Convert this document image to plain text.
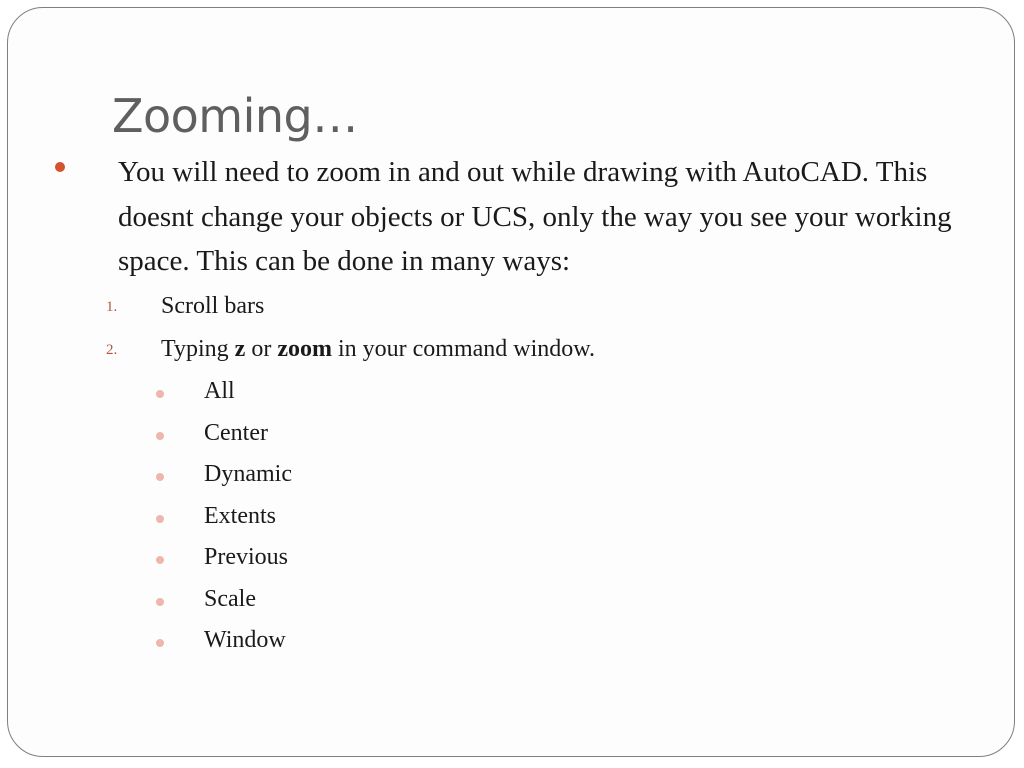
Zooming…

You will need to zoom in and out while drawing with AutoCAD. This doesnt change your objects or UCS, only the way you see your working space. This can be done in many ways:

1. Scroll bars
2. Typing z or zoom in your command window.
All
Center
Dynamic
Extents
Previous
Scale
Window
